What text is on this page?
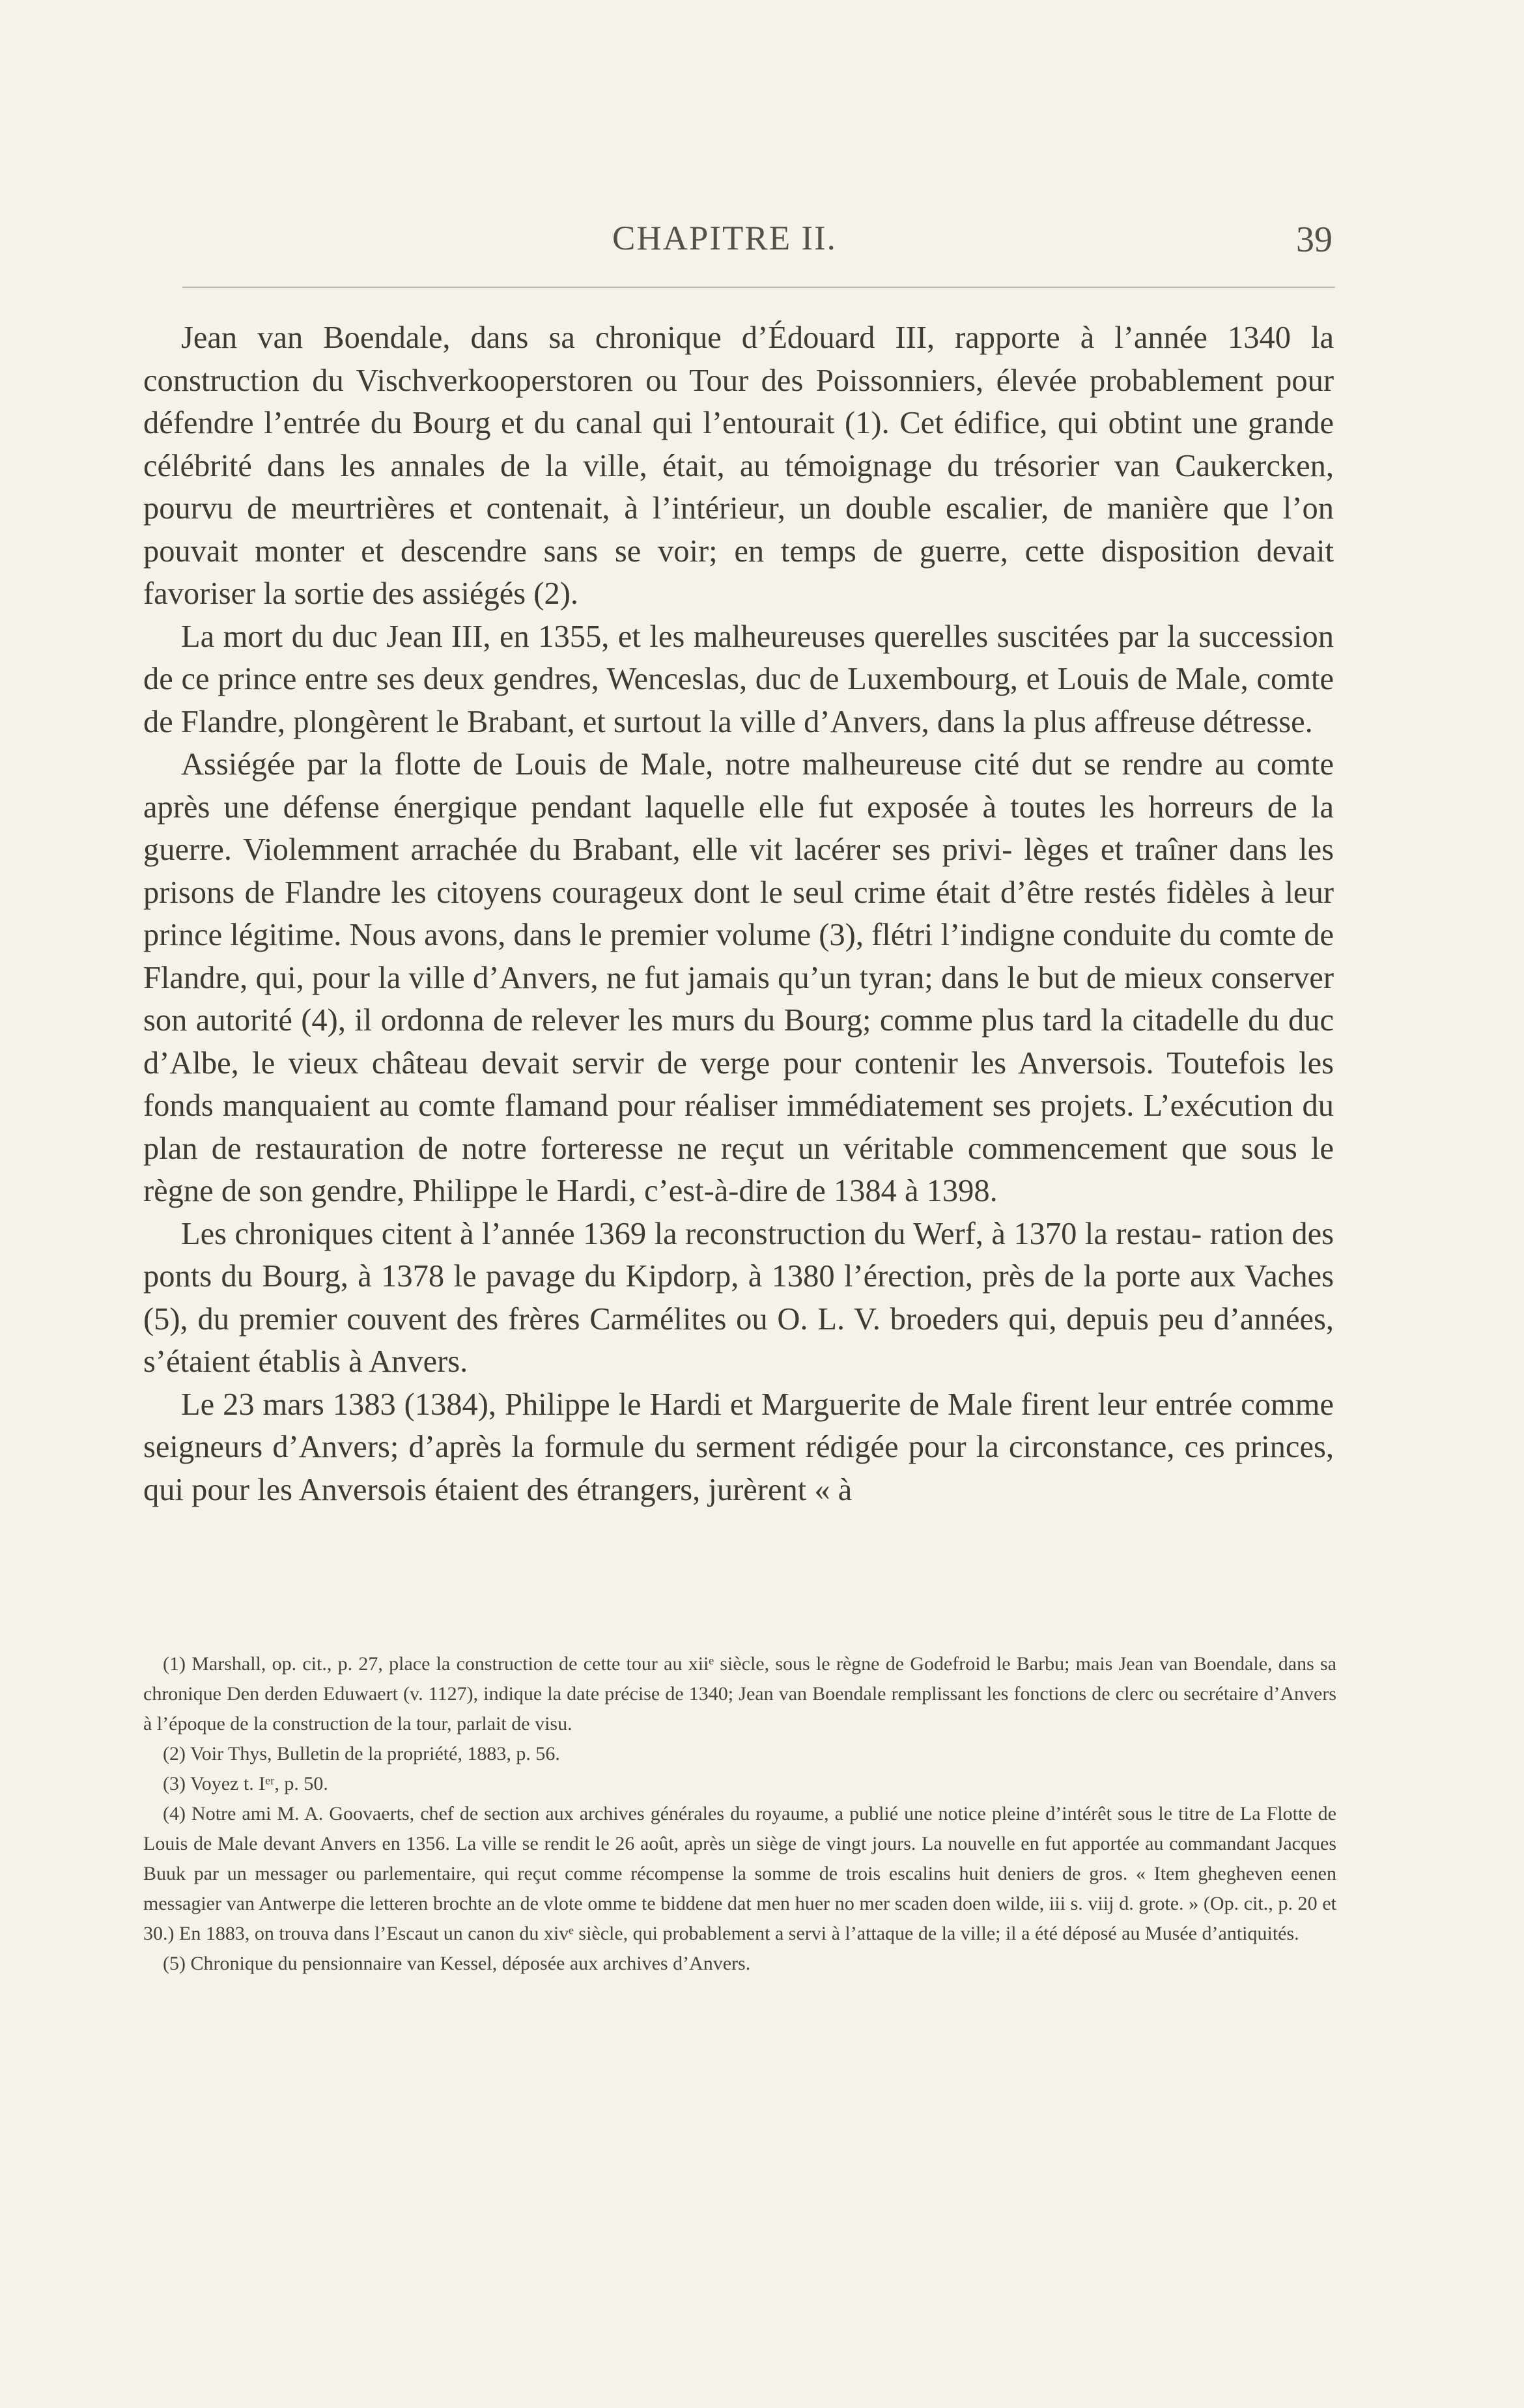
CHAPITRE II.	39

Jean van Boendale, dans sa chronique d’Édouard III, rapporte à l’année 1340 la construction du Vischverkooperstoren ou Tour des Poissonniers, élevée probablement pour défendre l’entrée du Bourg et du canal qui l’entourait (1). Cet édifice, qui obtint une grande célébrité dans les annales de la ville, était, au témoignage du trésorier van Caukercken, pourvu de meurtrières et contenait, à l’intérieur, un double escalier, de manière que l’on pouvait monter et descendre sans se voir; en temps de guerre, cette disposition devait favoriser la sortie des assiégés (2).

La mort du duc Jean III, en 1355, et les malheureuses querelles suscitées par la succession de ce prince entre ses deux gendres, Wenceslas, duc de Luxembourg, et Louis de Male, comte de Flandre, plongèrent le Brabant, et surtout la ville d’Anvers, dans la plus affreuse détresse.

Assiégée par la flotte de Louis de Male, notre malheureuse cité dut se rendre au comte après une défense énergique pendant laquelle elle fut exposée à toutes les horreurs de la guerre. Violemment arrachée du Brabant, elle vit lacérer ses privi- lèges et traîner dans les prisons de Flandre les citoyens courageux dont le seul crime était d’être restés fidèles à leur prince légitime. Nous avons, dans le premier volume (3), flétri l’indigne conduite du comte de Flandre, qui, pour la ville d’Anvers, ne fut jamais qu’un tyran; dans le but de mieux conserver son autorité (4), il ordonna de relever les murs du Bourg; comme plus tard la citadelle du duc d’Albe, le vieux château devait servir de verge pour contenir les Anversois. Toutefois les fonds manquaient au comte flamand pour réaliser immédiatement ses projets. L’exécution du plan de restauration de notre forteresse ne reçut un véritable commencement que sous le règne de son gendre, Philippe le Hardi, c’est-à-dire de 1384 à 1398.

Les chroniques citent à l’année 1369 la reconstruction du Werf, à 1370 la restau- ration des ponts du Bourg, à 1378 le pavage du Kipdorp, à 1380 l’érection, près de la porte aux Vaches (5), du premier couvent des frères Carmélites ou O. L. V. broeders qui, depuis peu d’années, s’étaient établis à Anvers.

Le 23 mars 1383 (1384), Philippe le Hardi et Marguerite de Male firent leur entrée comme seigneurs d’Anvers; d’après la formule du serment rédigée pour la circonstance, ces princes, qui pour les Anversois étaient des étrangers, jurèrent « à

(1) Marshall, op. cit., p. 27, place la construction de cette tour au xiiᵉ siècle, sous le règne de Godefroid le Barbu; mais Jean van Boendale, dans sa chronique Den derden Eduwaert (v. 1127), indique la date précise de 1340; Jean van Boendale remplissant les fonctions de clerc ou secrétaire d’Anvers à l’époque de la construction de la tour, parlait de visu.

(2) Voir Thys, Bulletin de la propriété, 1883, p. 56.

(3) Voyez t. Iᵉʳ, p. 50.

(4) Notre ami M. A. Goovaerts, chef de section aux archives générales du royaume, a publié une notice pleine d’intérêt sous le titre de La Flotte de Louis de Male devant Anvers en 1356. La ville se rendit le 26 août, après un siège de vingt jours. La nouvelle en fut apportée au commandant Jacques Buuk par un messager ou parlementaire, qui reçut comme récompense la somme de trois escalins huit deniers de gros. « Item gheghеven eenen messagier van Antwerpe die letteren brochte an de vlote omme te biddene dat men huer no mer scaden doen wilde, iii s. viij d. grote. » (Op. cit., p. 20 et 30.) En 1883, on trouva dans l’Escaut un canon du xivᵉ siècle, qui probablement a servi à l’attaque de la ville; il a été déposé au Musée d’antiquités.

(5) Chronique du pensionnaire van Kessel, déposée aux archives d’Anvers.
